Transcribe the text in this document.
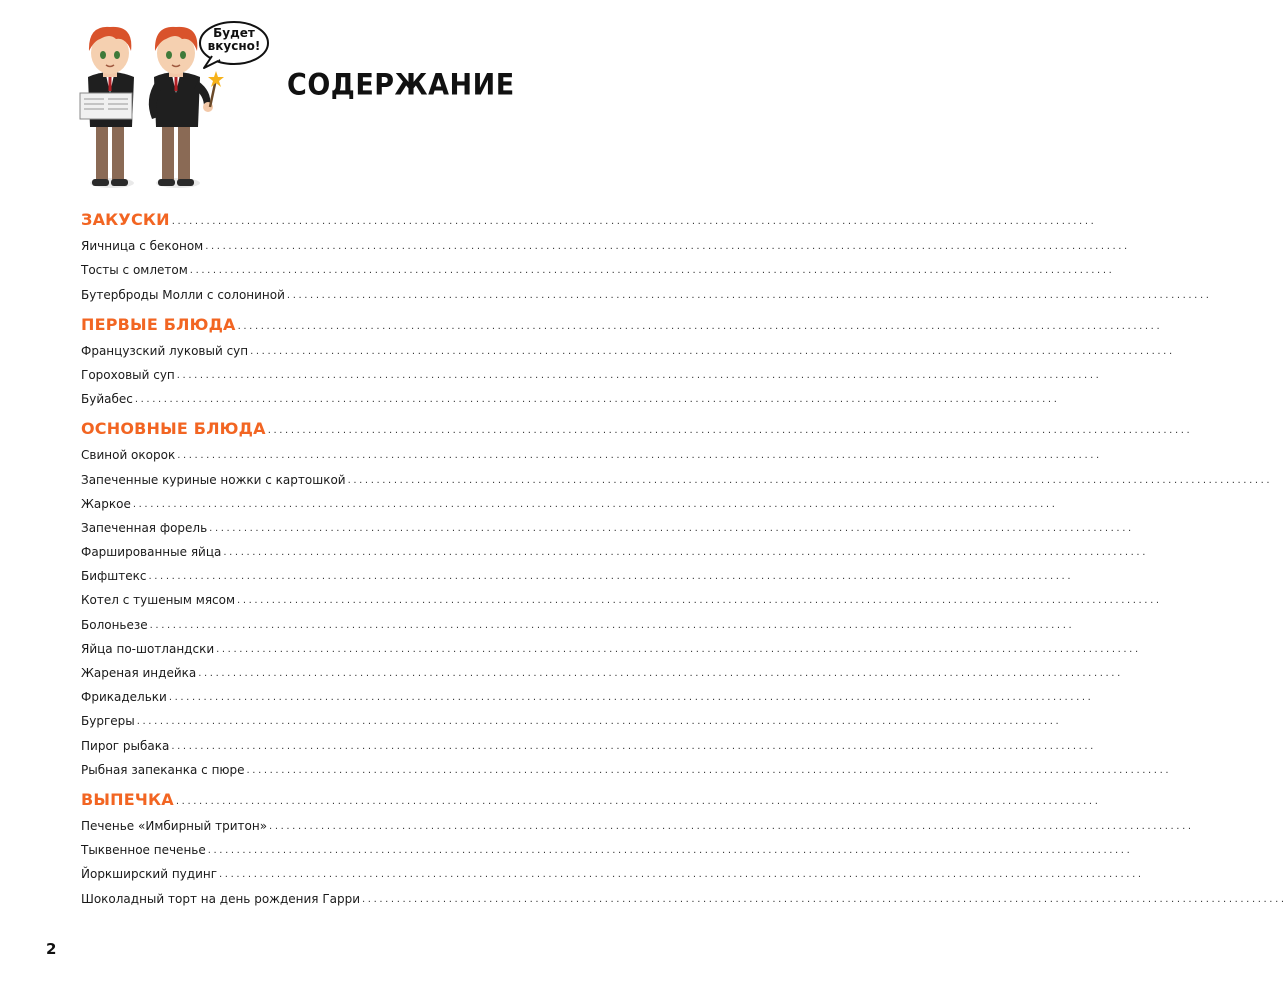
Будет
вкусно!
СОДЕРЖАНИЕ
ЗАКУСКИ ................................................................................................................................................................
Яичница с беконом ................................................................................................................................................................
Тосты с омлетом ................................................................................................................................................................
Бутерброды Молли с солониной ................................................................................................................................................................
ПЕРВЫЕ БЛЮДА ................................................................................................................................................................
Французский луковый суп ................................................................................................................................................................
Гороховый суп ................................................................................................................................................................
Буйабес ................................................................................................................................................................
ОСНОВНЫЕ БЛЮДА ................................................................................................................................................................
Свиной окорок ................................................................................................................................................................
Запеченные куриные ножки с картошкой ................................................................................................................................................................
Жаркое ................................................................................................................................................................
Запеченная форель ................................................................................................................................................................
Фаршированные яйца ................................................................................................................................................................
Бифштекс ................................................................................................................................................................
Котел с тушеным мясом ................................................................................................................................................................
Болоньезе ................................................................................................................................................................
Яйца по-шотландски ................................................................................................................................................................
Жареная индейка ................................................................................................................................................................
Фрикадельки ................................................................................................................................................................
Бургеры ................................................................................................................................................................
Пирог рыбака ................................................................................................................................................................
Рыбная запеканка с пюре ................................................................................................................................................................
ВЫПЕЧКА ................................................................................................................................................................
Печенье «Имбирный тритон» ................................................................................................................................................................
Тыквенное печенье ................................................................................................................................................................
Йоркширский пудинг ................................................................................................................................................................
Шоколадный торт на день рождения Гарри ................................................................................................................................................................
2
